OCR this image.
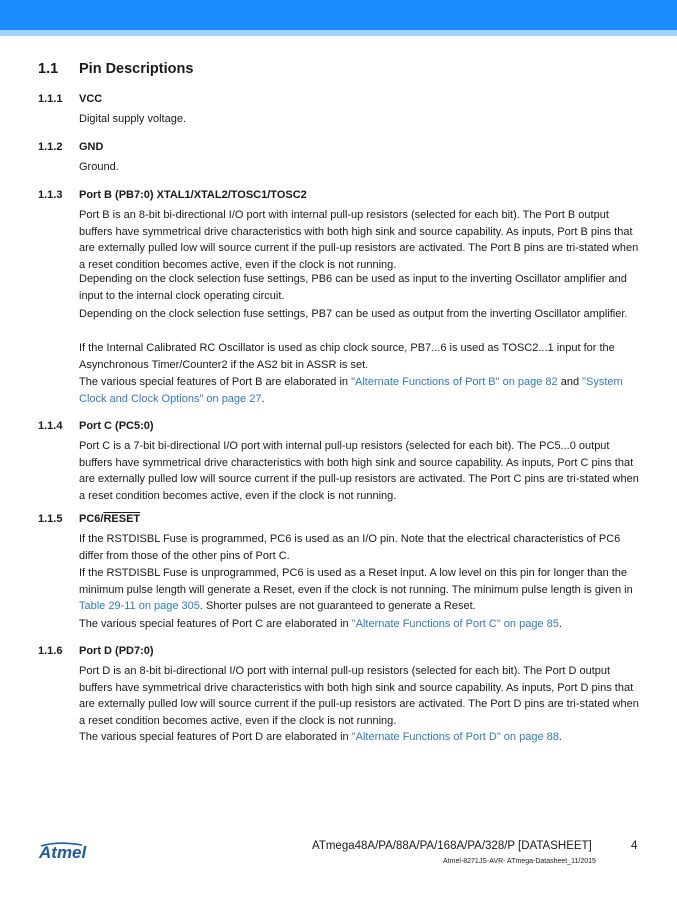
1.1 Pin Descriptions
1.1.1 VCC
Digital supply voltage.
1.1.2 GND
Ground.
1.1.3 Port B (PB7:0) XTAL1/XTAL2/TOSC1/TOSC2
Port B is an 8-bit bi-directional I/O port with internal pull-up resistors (selected for each bit). The Port B output buffers have symmetrical drive characteristics with both high sink and source capability. As inputs, Port B pins that are externally pulled low will source current if the pull-up resistors are activated. The Port B pins are tri-stated when a reset condition becomes active, even if the clock is not running.
Depending on the clock selection fuse settings, PB6 can be used as input to the inverting Oscillator amplifier and input to the internal clock operating circuit.
Depending on the clock selection fuse settings, PB7 can be used as output from the inverting Oscillator amplifier.
If the Internal Calibrated RC Oscillator is used as chip clock source, PB7...6 is used as TOSC2...1 input for the Asynchronous Timer/Counter2 if the AS2 bit in ASSR is set.
The various special features of Port B are elaborated in "Alternate Functions of Port B" on page 82 and "System Clock and Clock Options" on page 27.
1.1.4 Port C (PC5:0)
Port C is a 7-bit bi-directional I/O port with internal pull-up resistors (selected for each bit). The PC5...0 output buffers have symmetrical drive characteristics with both high sink and source capability. As inputs, Port C pins that are externally pulled low will source current if the pull-up resistors are activated. The Port C pins are tri-stated when a reset condition becomes active, even if the clock is not running.
1.1.5 PC6/RESET
If the RSTDISBL Fuse is programmed, PC6 is used as an I/O pin. Note that the electrical characteristics of PC6 differ from those of the other pins of Port C.
If the RSTDISBL Fuse is unprogrammed, PC6 is used as a Reset input. A low level on this pin for longer than the minimum pulse length will generate a Reset, even if the clock is not running. The minimum pulse length is given in Table 29-11 on page 305. Shorter pulses are not guaranteed to generate a Reset.
The various special features of Port C are elaborated in "Alternate Functions of Port C" on page 85.
1.1.6 Port D (PD7:0)
Port D is an 8-bit bi-directional I/O port with internal pull-up resistors (selected for each bit). The Port D output buffers have symmetrical drive characteristics with both high sink and source capability. As inputs, Port D pins that are externally pulled low will source current if the pull-up resistors are activated. The Port D pins are tri-stated when a reset condition becomes active, even if the clock is not running.
The various special features of Port D are elaborated in "Alternate Functions of Port D" on page 88.
Atmel	ATmega48A/PA/88A/PA/168A/PA/328/P [DATASHEET]	4
Atmel-8271JS-AVR- ATmega-Datasheet_11/2015
